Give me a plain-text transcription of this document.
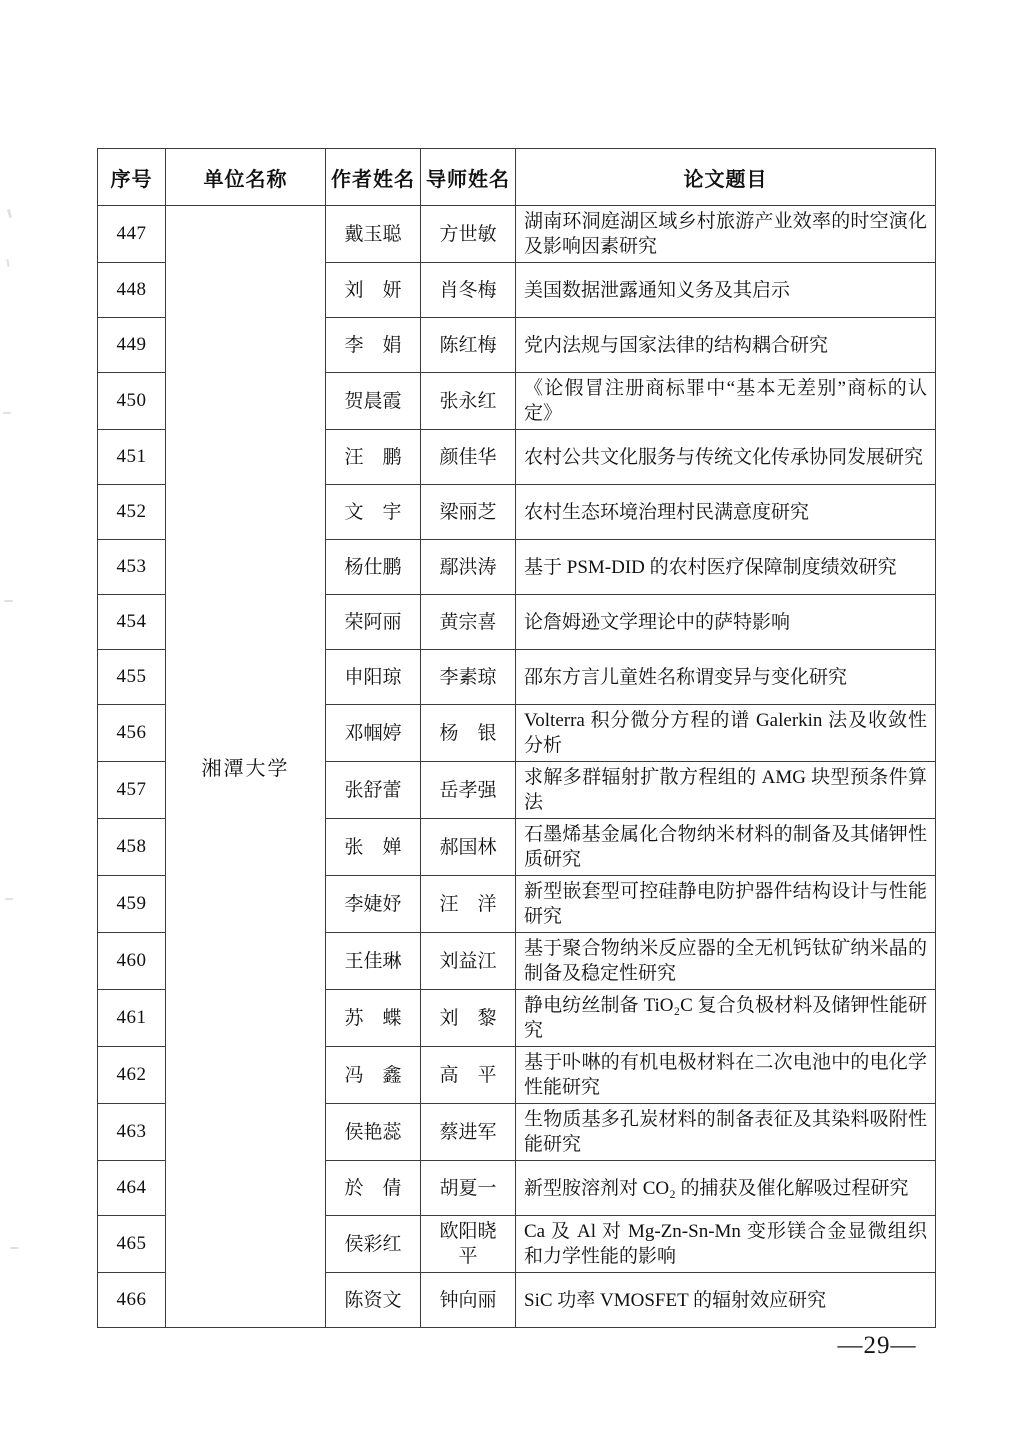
序号	单位名称	作者姓名	导师姓名	论文题目
447	湘潭大学	戴玉聪	方世敏	湖南环洞庭湖区域乡村旅游产业效率的时空演化及影响因素研究
448		刘　妍	肖冬梅	美国数据泄露通知义务及其启示
449		李　娟	陈红梅	党内法规与国家法律的结构耦合研究
450		贺晨霞	张永红	《论假冒注册商标罪中“基本无差别”商标的认定》
451		汪　鹏	颜佳华	农村公共文化服务与传统文化传承协同发展研究
452		文　宇	梁丽芝	农村生态环境治理村民满意度研究
453		杨仕鹏	鄢洪涛	基于 PSM-DID 的农村医疗保障制度绩效研究
454		荣阿丽	黄宗喜	论詹姆逊文学理论中的萨特影响
455		申阳琼	李素琼	邵东方言儿童姓名称谓变异与变化研究
456		邓帼婷	杨　银	Volterra 积分微分方程的谱 Galerkin 法及收敛性分析
457		张舒蕾	岳孝强	求解多群辐射扩散方程组的 AMG 块型预条件算法
458		张　婵	郝国林	石墨烯基金属化合物纳米材料的制备及其储钾性质研究
459		李婕妤	汪　洋	新型嵌套型可控硅静电防护器件结构设计与性能研究
460		王佳琳	刘益江	基于聚合物纳米反应器的全无机钙钛矿纳米晶的制备及稳定性研究
461		苏　蝶	刘　黎	静电纺丝制备 TiO₂C 复合负极材料及储钾性能研究
462		冯　鑫	高　平	基于卟啉的有机电极材料在二次电池中的电化学性能研究
463		侯艳蕊	蔡进军	生物质基多孔炭材料的制备表征及其染料吸附性能研究
464		於　倩	胡夏一	新型胺溶剂对 CO₂ 的捕获及催化解吸过程研究
465		侯彩红	欧阳晓平	Ca 及 Al 对 Mg-Zn-Sn-Mn 变形镁合金显微组织和力学性能的影响
466		陈资文	钟向丽	SiC 功率 VMOSFET 的辐射效应研究
—29—
